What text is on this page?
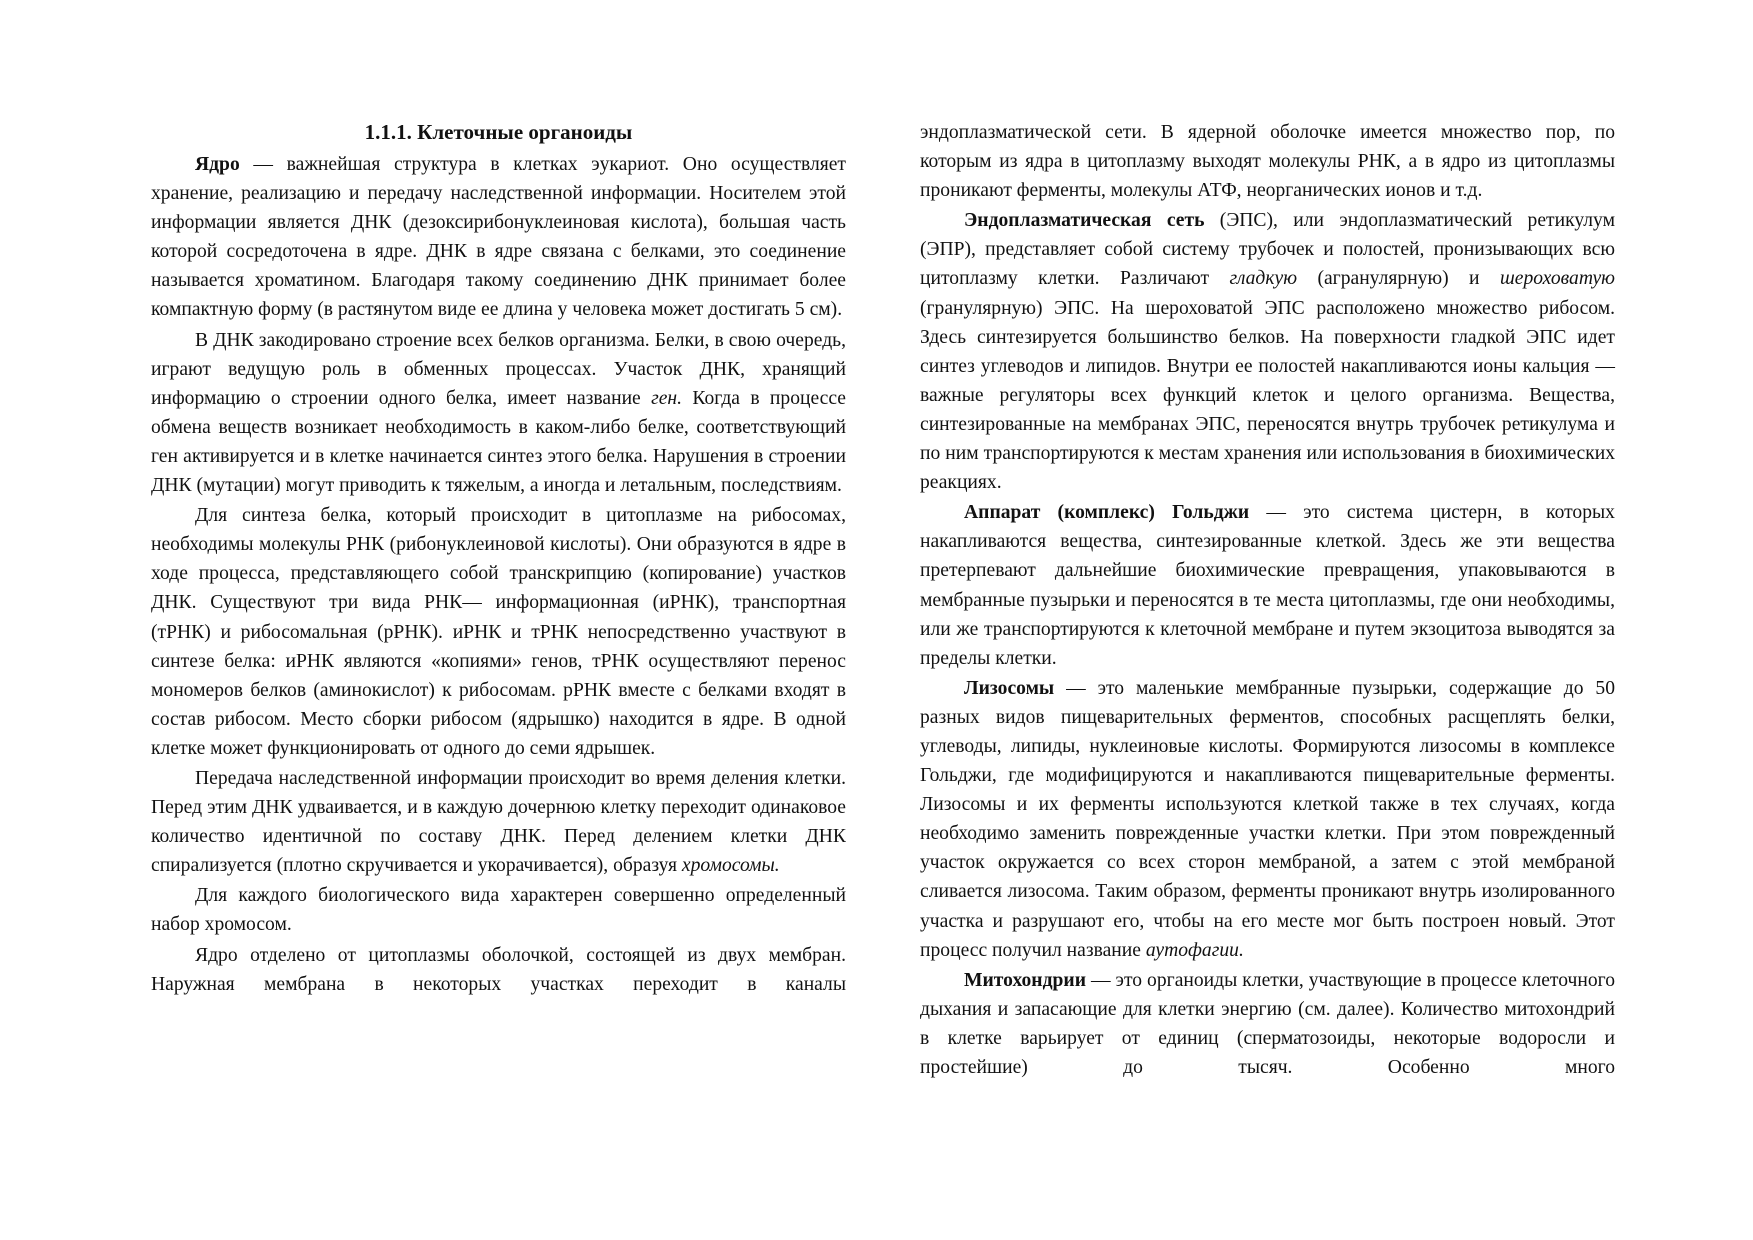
1.1.1. Клеточные органоиды

Ядро — важнейшая структура в клетках эукариот. Оно осуществляет хранение, реализацию и передачу наследственной информации. Носителем этой информации является ДНК (дезоксирибонуклеиновая кислота), большая часть которой сосредоточена в ядре. ДНК в ядре связана с белками, это соединение называется хроматином. Благодаря такому соединению ДНК принимает более компактную форму (в растянутом виде ее длина у человека может достигать 5 см).

В ДНК закодировано строение всех белков организма. Белки, в свою очередь, играют ведущую роль в обменных процессах. Участок ДНК, хранящий информацию о строении одного белка, имеет название ген. Когда в процессе обмена веществ возникает необходимость в каком-либо белке, соответствующий ген активируется и в клетке начинается синтез этого белка. Нарушения в строении ДНК (мутации) могут приводить к тяжелым, а иногда и летальным, последствиям.

Для синтеза белка, который происходит в цитоплазме на рибосомах, необходимы молекулы РНК (рибонуклеиновой кислоты). Они образуются в ядре в ходе процесса, представляющего собой транскрипцию (копирование) участков ДНК. Существуют три вида РНК— информационная (иРНК), транспортная (тРНК) и рибосомальная (рРНК). иРНК и тРНК непосредственно участвуют в синтезе белка: иРНК являются «копиями» генов, тРНК осуществляют перенос мономеров белков (аминокислот) к рибосомам. рРНК вместе с белками входят в состав рибосом. Место сборки рибосом (ядрышко) находится в ядре. В одной клетке может функционировать от одного до семи ядрышек.

Передача наследственной информации происходит во время деления клетки. Перед этим ДНК удваивается, и в каждую дочернюю клетку переходит одинаковое количество идентичной по составу ДНК. Перед делением клетки ДНК спирализуется (плотно скручивается и укорачивается), образуя хромосомы.

Для каждого биологического вида характерен совершенно определенный набор хромосом.

Ядро отделено от цитоплазмы оболочкой, состоящей из двух мембран. Наружная мембрана в некоторых участках переходит в каналы

эндоплазматической сети. В ядерной оболочке имеется множество пор, по которым из ядра в цитоплазму выходят молекулы РНК, а в ядро из цитоплазмы проникают ферменты, молекулы АТФ, неорганических ионов и т.д.

Эндоплазматическая сеть (ЭПС), или эндоплазматический ретикулум (ЭПР), представляет собой систему трубочек и полостей, пронизывающих всю цитоплазму клетки. Различают гладкую (агранулярную) и шероховатую (гранулярную) ЭПС. На шероховатой ЭПС расположено множество рибосом. Здесь синтезируется большинство белков. На поверхности гладкой ЭПС идет синтез углеводов и липидов. Внутри ее полостей накапливаются ионы кальция — важные регуляторы всех функций клеток и целого организма. Вещества, синтезированные на мембранах ЭПС, переносятся внутрь трубочек ретикулума и по ним транспортируются к местам хранения или использования в биохимических реакциях.

Аппарат (комплекс) Гольджи — это система цистерн, в которых накапливаются вещества, синтезированные клеткой. Здесь же эти вещества претерпевают дальнейшие биохимические превращения, упаковываются в мембранные пузырьки и переносятся в те места цитоплазмы, где они необходимы, или же транспортируются к клеточной мембране и путем экзоцитоза выводятся за пределы клетки.

Лизосомы — это маленькие мембранные пузырьки, содержащие до 50 разных видов пищеварительных ферментов, способных расщеплять белки, углеводы, липиды, нуклеиновые кислоты. Формируются лизосомы в комплексе Гольджи, где модифицируются и накапливаются пищеварительные ферменты. Лизосомы и их ферменты используются клеткой также в тех случаях, когда необходимо заменить поврежденные участки клетки. При этом поврежденный участок окружается со всех сторон мембраной, а затем с этой мембраной сливается лизосома. Таким образом, ферменты проникают внутрь изолированного участка и разрушают его, чтобы на его месте мог быть построен новый. Этот процесс получил название аутофагии.

Митохондрии — это органоиды клетки, участвующие в процессе клеточного дыхания и запасающие для клетки энергию (см. далее). Количество митохондрий в клетке варьирует от единиц (сперматозоиды, некоторые водоросли и простейшие) до тысяч. Особенно много
